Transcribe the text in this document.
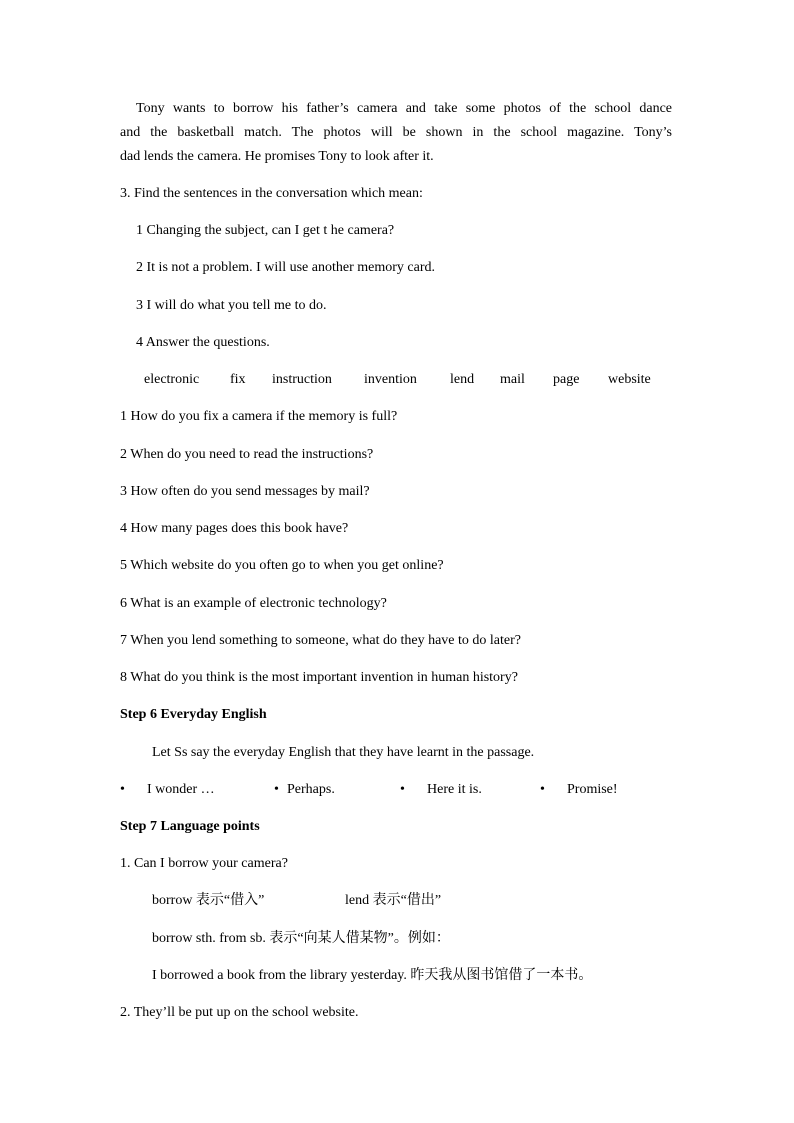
Tony wants to borrow his father’s camera and take some photos of the school dance
and the basketball match. The photos will be shown in the school magazine. Tony’s
dad lends the camera. He promises Tony to look after it.
3. Find the sentences in the conversation which mean:
1 Changing the subject, can I get t he camera?
2 It is not a problem. I will use another memory card.
3 I will do what you tell me to do.
4 Answer the questions.
electronic fix instruction invention lend mail page website
1 How do you fix a camera if the memory is full?
2 When do you need to read the instructions?
3 How often do you send messages by mail?
4 How many pages does this book have?
5 Which website do you often go to when you get online?
6 What is an example of electronic technology?
7 When you lend something to someone, what do they have to do later?
8 What do you think is the most important invention in human history?
Step 6 Everyday English
Let Ss say the everyday English that they have learnt in the passage.
• I wonder …	• Perhaps.	• Here it is.	• Promise!
Step 7 Language points
1. Can I borrow your camera?
borrow 表示“借入”	lend 表示“借出”
borrow sth. from sb. 表示“向某人借某物”。例如：
I borrowed a book from the library yesterday. 昨天我从图书馆借了一本书。
2. They’ll be put up on the school website.
